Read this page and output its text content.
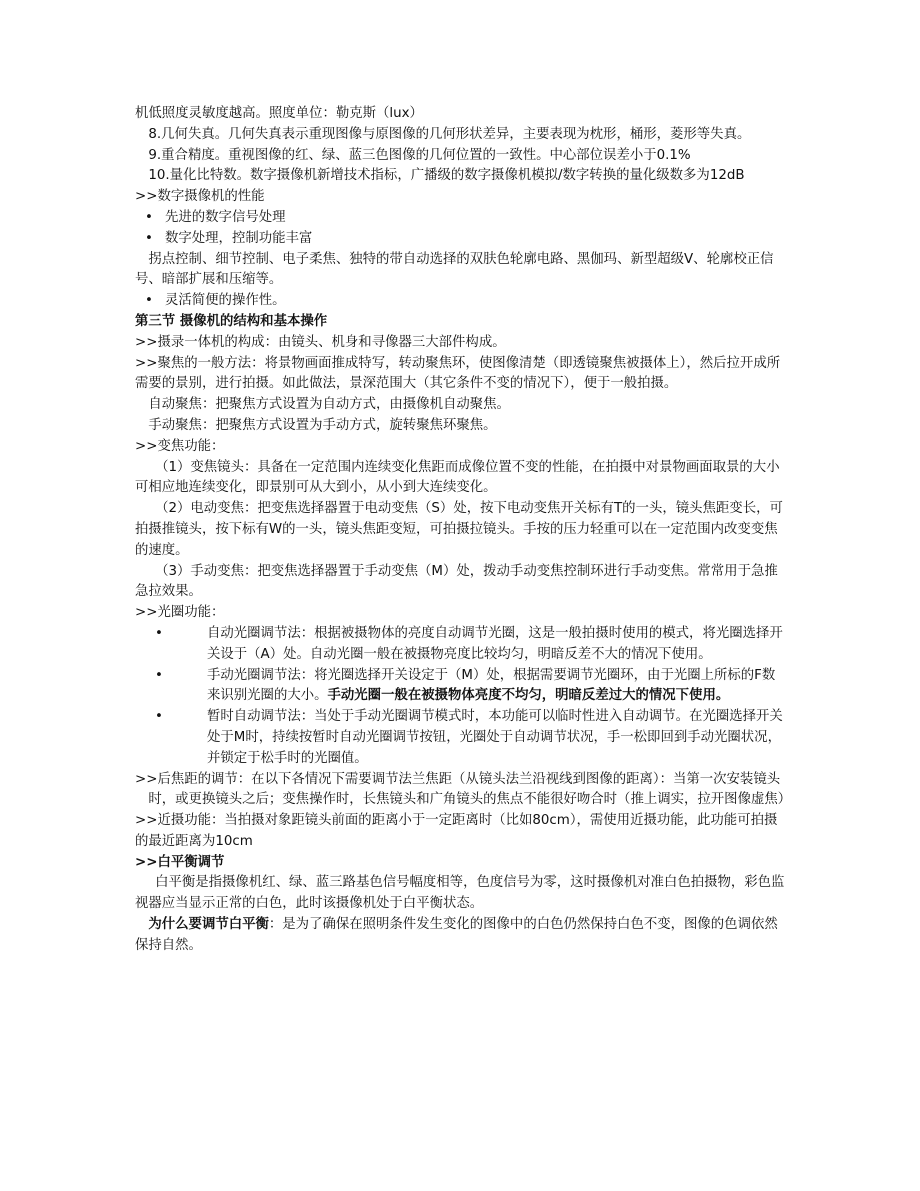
机低照度灵敏度越高。照度单位：勒克斯（lux）

8.几何失真。几何失真表示重现图像与原图像的几何形状差异，主要表现为枕形，桶形，菱形等失真。

9.重合精度。重视图像的红、绿、蓝三色图像的几何位置的一致性。中心部位误差小于0.1%

10.量化比特数。数字摄像机新增技术指标，广播级的数字摄像机模拟/数字转换的量化级数多为12dB

>>数字摄像机的性能

• 先进的数字信号处理

• 数字处理，控制功能丰富

拐点控制、细节控制、电子柔焦、独特的带自动选择的双肤色轮廓电路、黑伽玛、新型超级V、轮廓校正信号、暗部扩展和压缩等。

• 灵活简便的操作性。

第三节 摄像机的结构和基本操作

>>摄录一体机的构成：由镜头、机身和寻像器三大部件构成。

>>聚焦的一般方法：将景物画面推成特写，转动聚焦环，使图像清楚（即透镜聚焦被摄体上），然后拉开成所需要的景别，进行拍摄。如此做法，景深范围大（其它条件不变的情况下），便于一般拍摄。

自动聚焦：把聚焦方式设置为自动方式，由摄像机自动聚焦。

手动聚焦：把聚焦方式设置为手动方式，旋转聚焦环聚焦。

>>变焦功能：

（1）变焦镜头：具备在一定范围内连续变化焦距而成像位置不变的性能，在拍摄中对景物画面取景的大小可相应地连续变化，即景别可从大到小，从小到大连续变化。

（2）电动变焦：把变焦选择器置于电动变焦（S）处，按下电动变焦开关标有T的一头，镜头焦距变长，可拍摄推镜头，按下标有W的一头，镜头焦距变短，可拍摄拉镜头。手按的压力轻重可以在一定范围内改变变焦的速度。

（3）手动变焦：把变焦选择器置于手动变焦（M）处，拨动手动变焦控制环进行手动变焦。常常用于急推急拉效果。

>>光圈功能：

•	自动光圈调节法：根据被摄物体的亮度自动调节光圈，这是一般拍摄时使用的模式，将光圈选择开关设于（A）处。自动光圈一般在被摄物亮度比较均匀，明暗反差不大的情况下使用。

•	手动光圈调节法：将光圈选择开关设定于（M）处，根据需要调节光圈环，由于光圈上所标的F数来识别光圈的大小。手动光圈一般在被摄物体亮度不均匀，明暗反差过大的情况下使用。

•	暂时自动调节法：当处于手动光圈调节模式时，本功能可以临时性进入自动调节。在光圈选择开关处于M时，持续按暂时自动光圈调节按钮，光圈处于自动调节状况，手一松即回到手动光圈状况，并锁定于松手时的光圈值。

>>后焦距的调节：在以下各情况下需要调节法兰焦距（从镜头法兰沿视线到图像的距离）：当第一次安装镜头时，或更换镜头之后；变焦操作时，长焦镜头和广角镜头的焦点不能很好吻合时（推上调实，拉开图像虚焦）

>>近摄功能：当拍摄对象距镜头前面的距离小于一定距离时（比如80cm），需使用近摄功能，此功能可拍摄的最近距离为10cm

>>白平衡调节

白平衡是指摄像机红、绿、蓝三路基色信号幅度相等，色度信号为零，这时摄像机对准白色拍摄物，彩色监视器应当显示正常的白色，此时该摄像机处于白平衡状态。

为什么要调节白平衡：是为了确保在照明条件发生变化的图像中的白色仍然保持白色不变，图像的色调依然保持自然。
